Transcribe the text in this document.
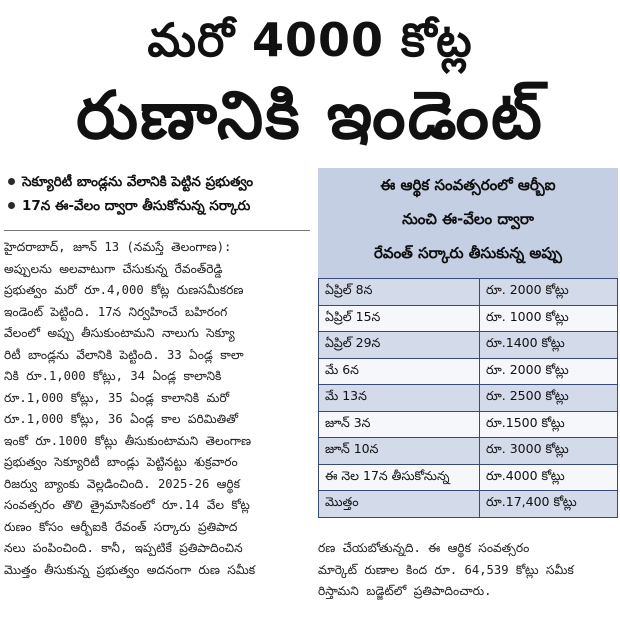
మరో 4000 కోట్ల
రుణానికి ఇండెంట్
సెక్యూరిటీ బాండ్లను వేలానికి పెట్టిన ప్రభుత్వం
17న ఈ-వేలం ద్వారా తీసుకోనున్న సర్కారు
హైదరాబాద్‌, జూన్‌ 13 (నమస్తే తెలంగాణ):
అప్పులను అలవాటుగా చేసుకున్న రేవంత్‌రెడ్డి
ప్రభుత్వం మరో రూ.4,000 కోట్ల రుణసమీకరణ
ఇండెంట్‌ పెట్టింది. 17న నిర్వహించే బహిరంగ
వేలంలో అప్పు తీసుకుంటామని నాలుగు సెక్యూ
రిటీ బాండ్లను వేలానికి పెట్టింది. 33 ఏండ్ల కాలా
నికి రూ.1,000 కోట్లు, 34 ఏండ్ల కాలానికి
రూ.1,000 కోట్లు, 35 ఏండ్ల కాలానికి మరో
రూ.1,000 కోట్లు, 36 ఏండ్ల కాల పరిమితితో
ఇంకో రూ.1000 కోట్లు తీసుకుంటామని తెలంగాణ
ప్రభుత్వం సెక్యూరిటీ బాండ్లు పెట్టినట్టు శుక్రవారం
రిజర్వు బ్యాంకు వెల్లడించింది. 2025-26 ఆర్థిక
సంవత్సరం తొలి త్రైమాసికంలో రూ.14 వేల కోట్ల
రుణం కోసం ఆర్బీఐకి రేవంత్‌ సర్కారు ప్రతిపాద
నలు పంపించింది. కానీ, ఇప్పటికే ప్రతిపాదించిన
మొత్తం తీసుకున్న ప్రభుత్వం అదనంగా రుణ సమీక
ఈ ఆర్థిక సంవత్సరంలో ఆర్బీఐ
నుంచి ఈ-వేలం ద్వారా
రేవంత్‌ సర్కారు తీసుకున్న అప్పు
ఏప్రిల్‌ 8న	రూ. 2000 కోట్లు
ఏప్రిల్‌ 15న	రూ. 1000 కోట్లు
ఏప్రిల్‌ 29న	రూ.1400 కోట్లు
మే 6న	రూ. 2000 కోట్లు
మే 13న	రూ. 2500 కోట్లు
జూన్‌ 3న	రూ.1500 కోట్లు
జూన్‌ 10న	రూ. 3000 కోట్లు
ఈ నెల 17న తీసుకోనున్న	రూ.4000 కోట్లు
మొత్తం	రూ.17,400 కోట్లు
రణ చేయబోతున్నది. ఈ ఆర్థిక సంవత్సరం
మార్కెట్‌ రుణాల కింద రూ. 64,539 కోట్లు సమీక
రిస్తామని బడ్జెట్‌లో ప్రతిపాదించారు.
